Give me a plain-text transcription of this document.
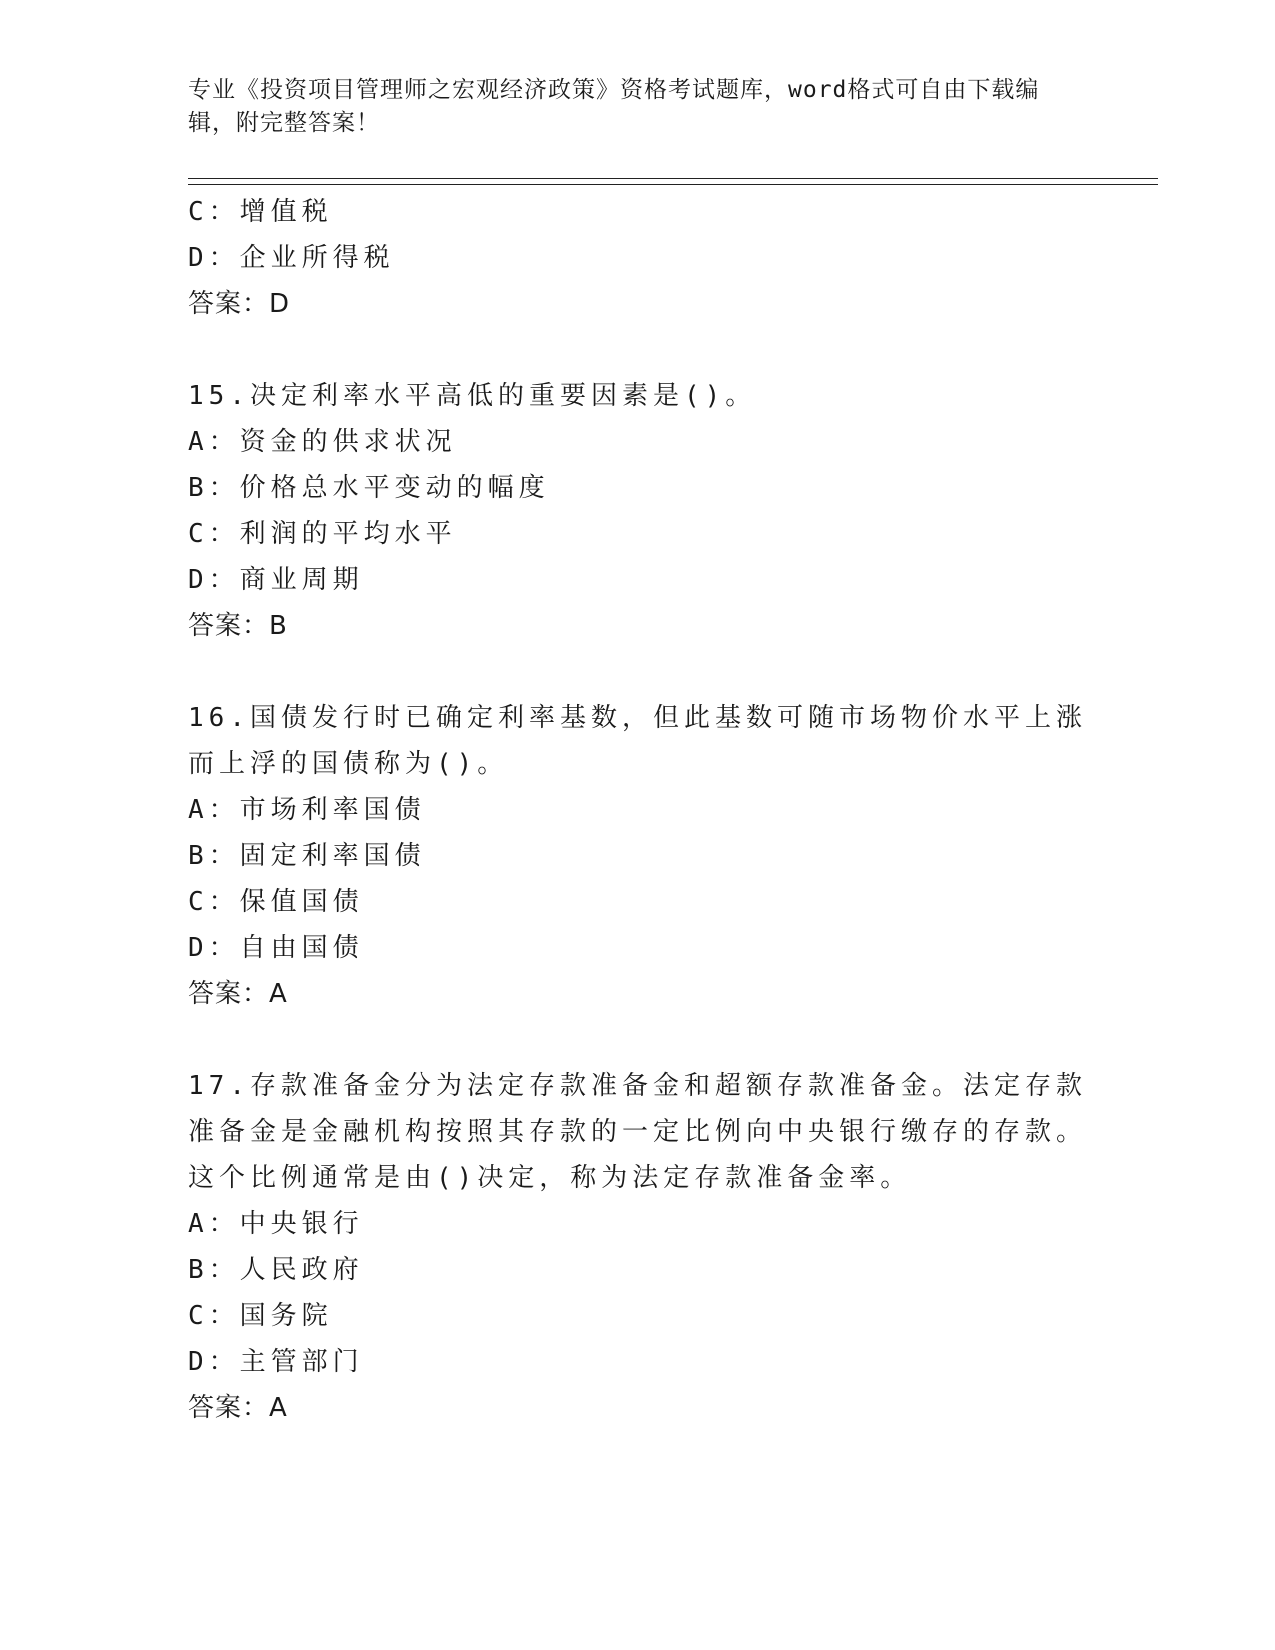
专业《投资项目管理师之宏观经济政策》资格考试题库，word格式可自由下载编辑，附完整答案！
C：增值税
D：企业所得税
答案：D
15.决定利率水平高低的重要因素是()。
A：资金的供求状况
B：价格总水平变动的幅度
C：利润的平均水平
D：商业周期
答案：B
16.国债发行时已确定利率基数，但此基数可随市场物价水平上涨而上浮的国债称为()。
A：市场利率国债
B：固定利率国债
C：保值国债
D：自由国债
答案：A
17.存款准备金分为法定存款准备金和超额存款准备金。法定存款准备金是金融机构按照其存款的一定比例向中央银行缴存的存款。这个比例通常是由()决定，称为法定存款准备金率。
A：中央银行
B：人民政府
C：国务院
D：主管部门
答案：A
